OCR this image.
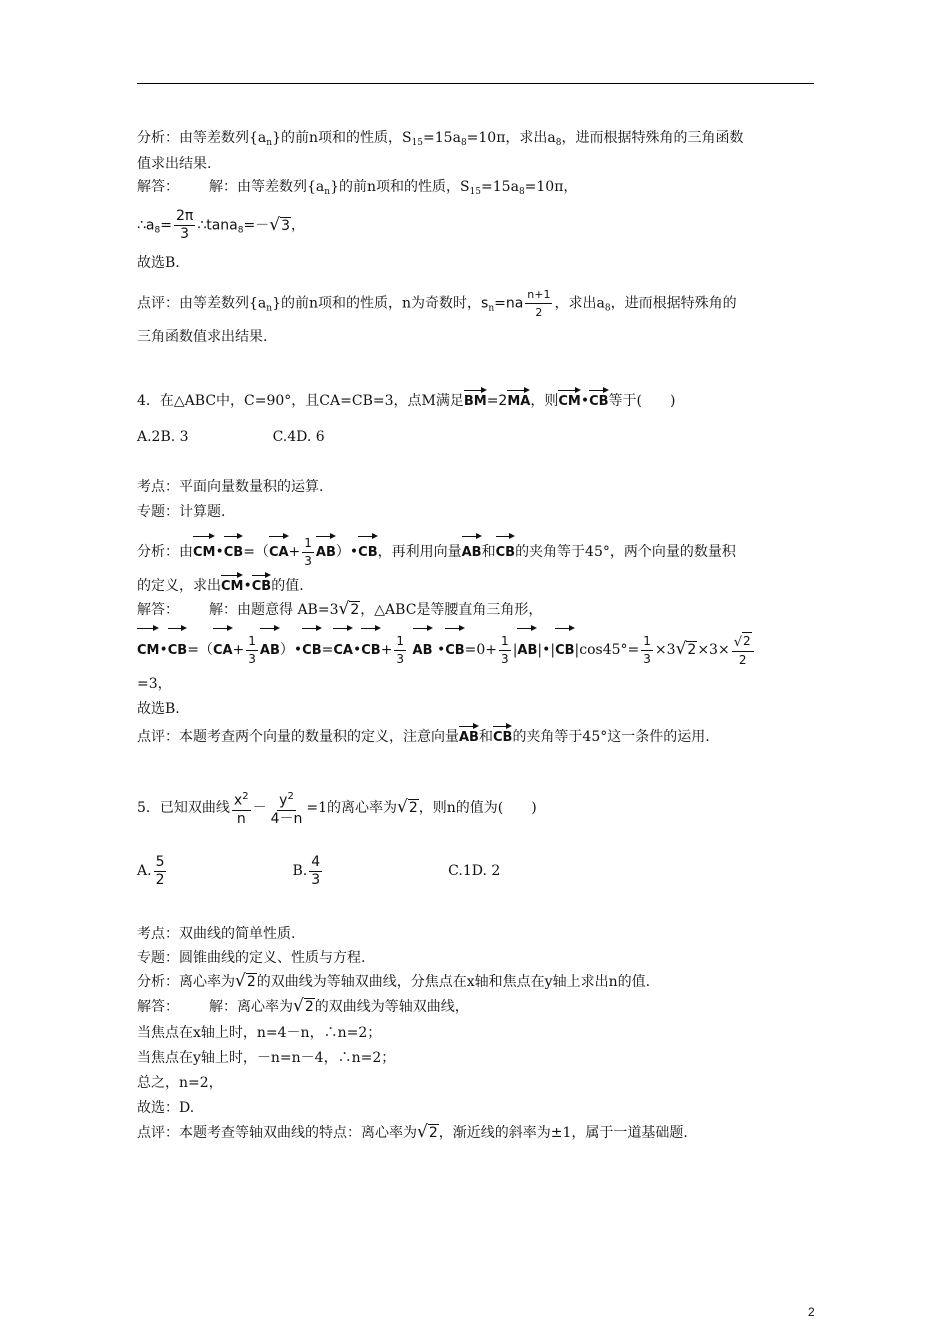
分析：由等差数列$\{a_n\}$的前n项和的性质，$S_{15}=15a_8=10\pi$，求出$a_8$，进而根据特殊角的三角函数
值求出结果.
解答： 解：由等差数列$\{a_n\}$的前n项和的性质，$S_{15}=15a_8=10\pi$，
$\therefore a_8= \frac{2\pi}{3}$ ∴tana$_8$=－ √ 3 ，
故选B.
点评：由等差数列$\{a_n\}$的前n项和的性质，n为奇数时，$s_n=na \frac{n+1}{2}$ ，求出$a_8$，进而根据特殊角的
三角函数值求出结果.
4．在△ABC中，C=90°，且CA=CB=3，点M满足BM=2MA，则CM•CB等于(　　)
A.2B. 3　　　　　　C.4D. 6
考点：平面向量数量积的运算.
专题：计算题.
分析：由CM•CB=（CA+ $\frac{1}{3}$ AB）•CB，再利用向量AB和CB的夹角等于45°，两个向量的数量积
的定义，求出CM•CB的值.
解答： 解：由题意得 AB=3 √ 2 ，△ABC是等腰直角三角形，
CM•CB=（CA+ $\frac{1}{3}$ AB）•CB=CA•CB+ $\frac{1}{3}$ AB •CB=0+ $\frac{1}{3}$ |AB|•|CB|cos45°= $\frac{1}{3} \times 3$ √ $2 \times 3\times \frac{√ 2}{2}$
=3，
故选B.
点评：本题考查两个向量的数量积的定义，注意向量AB和CB的夹角等于45°这一条件的运用.
5．已知双曲线 $\frac{x^2}{n} - \frac{y^2}{4-n} =1$的离心率为 √ 2 ，则n的值为(　　)
A. $\frac{5}{2}$	B. $\frac{4}{3}$	C.1D. 2
考点：双曲线的简单性质.
专题：圆锥曲线的定义、性质与方程.
分析：离心率为 √ 2 的双曲线为等轴双曲线，分焦点在x轴和焦点在y轴上求出n的值.
解答： 解：离心率为 √ 2 的双曲线为等轴双曲线，
当焦点在x轴上时，n=4－n，∴n=2；
当焦点在y轴上时，－n=n－4，∴n=2；
总之，n=2，
故选：D.
点评：本题考查等轴双曲线的特点：离心率为 √ 2 ，渐近线的斜率为±1，属于一道基础题.
2
